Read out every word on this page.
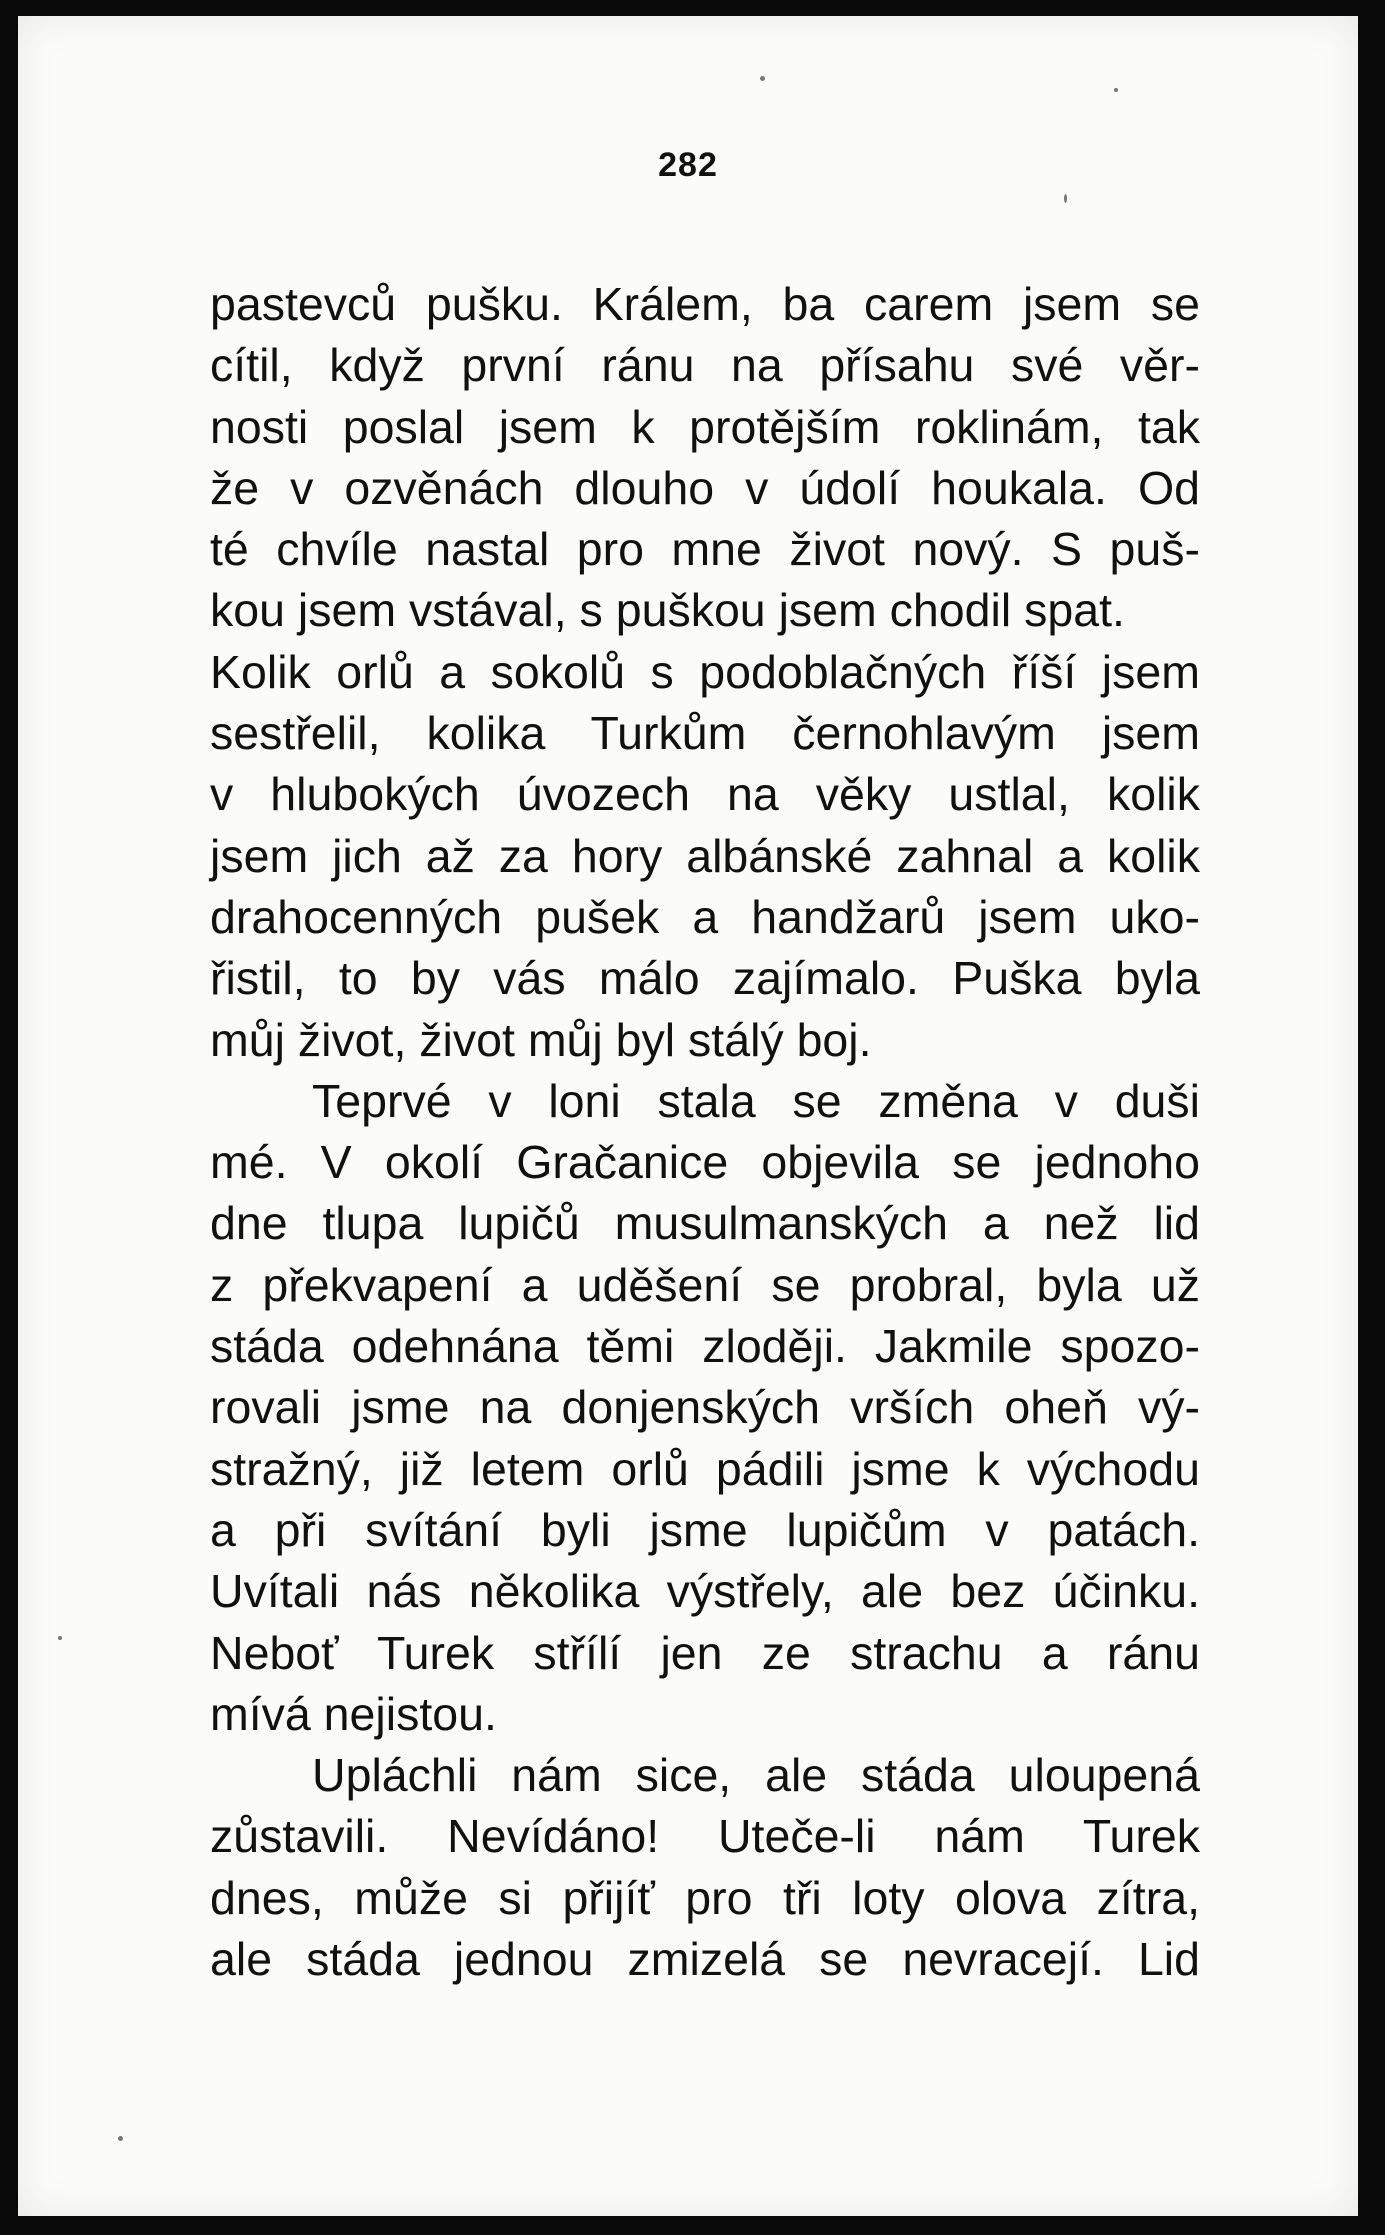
282
pastevců pušku. Králem, ba carem jsem se
cítil, když první ránu na přísahu své věr-
nosti poslal jsem k protějším roklinám, tak
že v ozvěnách dlouho v údolí houkala. Od
té chvíle nastal pro mne život nový. S puš-
kou jsem vstával, s puškou jsem chodil spat.
Kolik orlů a sokolů s podoblačných říší jsem
sestřelil, kolika Turkům černohlavým jsem
v hlubokých úvozech na věky ustlal, kolik
jsem jich až za hory albánské zahnal a kolik
drahocenných pušek a handžarů jsem uko-
řistil, to by vás málo zajímalo. Puška byla
můj život, život můj byl stálý boj.
Teprvé v loni stala se změna v duši
mé. V okolí Gračanice objevila se jednoho
dne tlupa lupičů musulmanských a než lid
z překvapení a uděšení se probral, byla už
stáda odehnána těmi zloději. Jakmile spozo-
rovali jsme na donjenských vrších oheň vý-
stražný, již letem orlů pádili jsme k východu
a při svítání byli jsme lupičům v patách.
Uvítali nás několika výstřely, ale bez účinku.
Neboť Turek střílí jen ze strachu a ránu
mívá nejistou.
Upláchli nám sice, ale stáda uloupená
zůstavili. Nevídáno! Uteče-li nám Turek
dnes, může si přijíť pro tři loty olova zítra,
ale stáda jednou zmizelá se nevracejí. Lid
